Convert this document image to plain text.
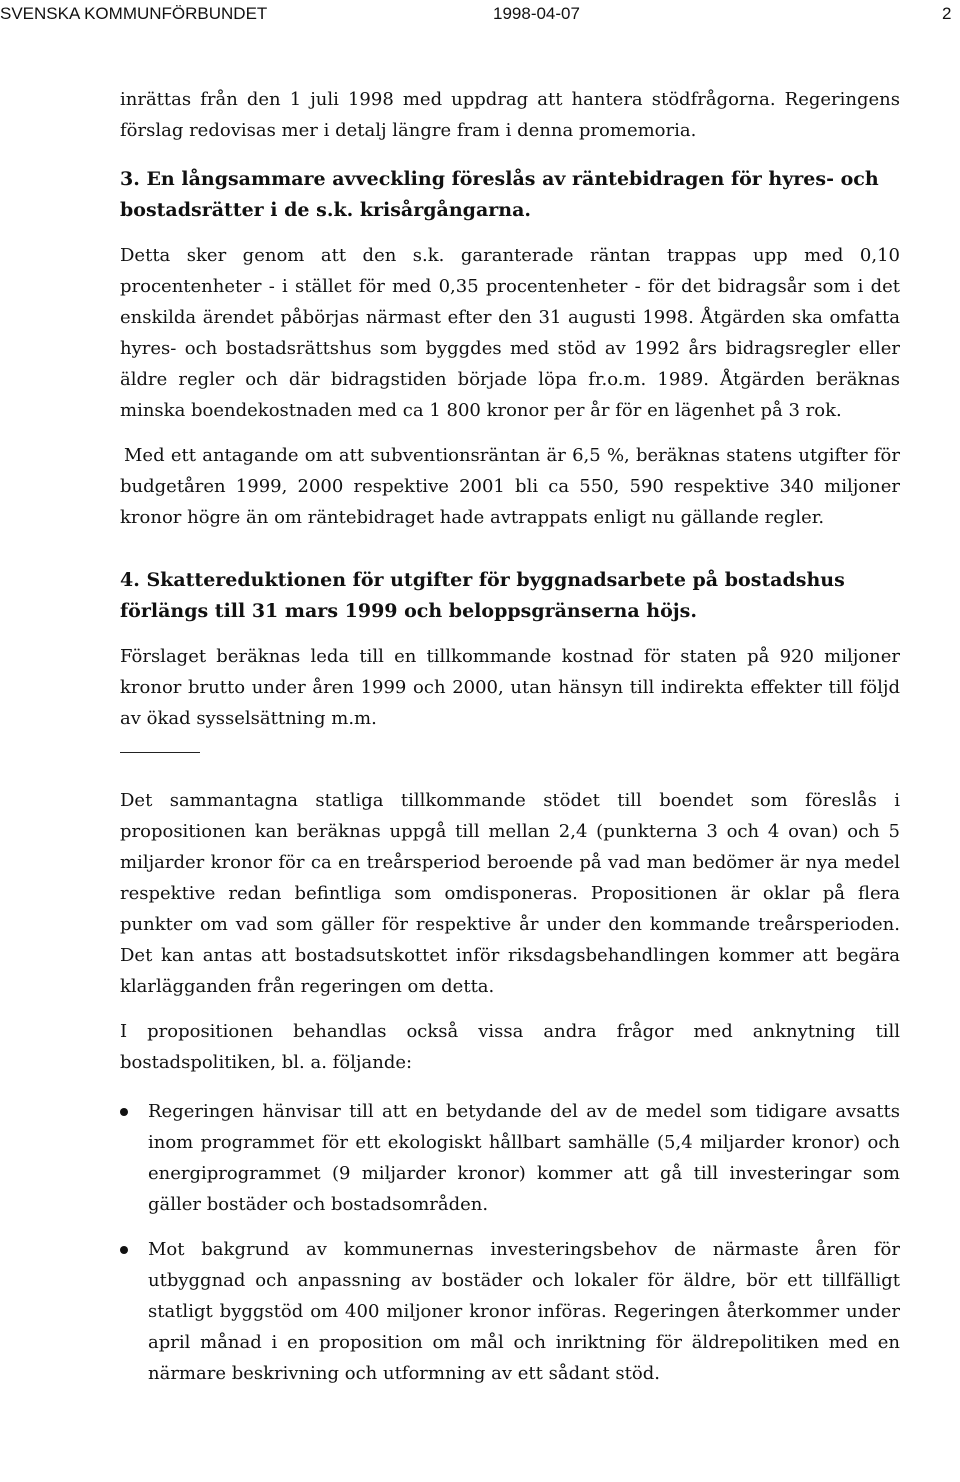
SVENSKA KOMMUNFÖRBUNDET	1998-04-07	2

inrättas från den 1 juli 1998 med uppdrag att hantera stödfrågorna. Regeringens förslag redovisas mer i detalj längre fram i denna promemoria.

3. En långsammare avveckling föreslås av räntebidragen för hyres- och bostadsrätter i de s.k. krisårgångarna.

Detta sker genom att den s.k. garanterade räntan trappas upp med 0,10 procentenheter - i stället för med 0,35 procentenheter - för det bidragsår som i det enskilda ärendet påbörjas närmast efter den 31 augusti 1998. Åtgärden ska omfatta hyres- och bostadsrättshus som byggdes med stöd av 1992 års bidragsregler eller äldre regler och där bidragstiden började löpa fr.o.m. 1989. Åtgärden beräknas minska boendekostnaden med ca 1 800 kronor per år för en lägenhet på 3 rok.

Med ett antagande om att subventionsräntan är 6,5 %, beräknas statens utgifter för budgetåren 1999, 2000 respektive 2001 bli ca 550, 590 respektive 340 miljoner kronor högre än om räntebidraget hade avtrappats enligt nu gällande regler.

4. Skattereduktionen för utgifter för byggnadsarbete på bostadshus förlängs till 31 mars 1999 och beloppsgränserna höjs.

Förslaget beräknas leda till en tillkommande kostnad för staten på 920 miljoner kronor brutto under åren 1999 och 2000, utan hänsyn till indirekta effekter till följd av ökad sysselsättning m.m.

Det sammantagna statliga tillkommande stödet till boendet som föreslås i propositionen kan beräknas uppgå till mellan 2,4 (punkterna 3 och 4 ovan) och 5 miljarder kronor för ca en treårsperiod beroende på vad man bedömer är nya medel respektive redan befintliga som omdisponeras. Propositionen är oklar på flera punkter om vad som gäller för respektive år under den kommande treårsperioden. Det kan antas att bostadsutskottet inför riksdagsbehandlingen kommer att begära klarlägganden från regeringen om detta.

I propositionen behandlas också vissa andra frågor med anknytning till bostadspolitiken, bl. a. följande:

Regeringen hänvisar till att en betydande del av de medel som tidigare avsatts inom programmet för ett ekologiskt hållbart samhälle (5,4 miljarder kronor) och energiprogrammet (9 miljarder kronor) kommer att gå till investeringar som gäller bostäder och bostadsområden.
Mot bakgrund av kommunernas investeringsbehov de närmaste åren för utbyggnad och anpassning av bostäder och lokaler för äldre, bör ett tillfälligt statligt byggstöd om 400 miljoner kronor införas. Regeringen återkommer under april månad i en proposition om mål och inriktning för äldrepolitiken med en närmare beskrivning och utformning av ett sådant stöd.
